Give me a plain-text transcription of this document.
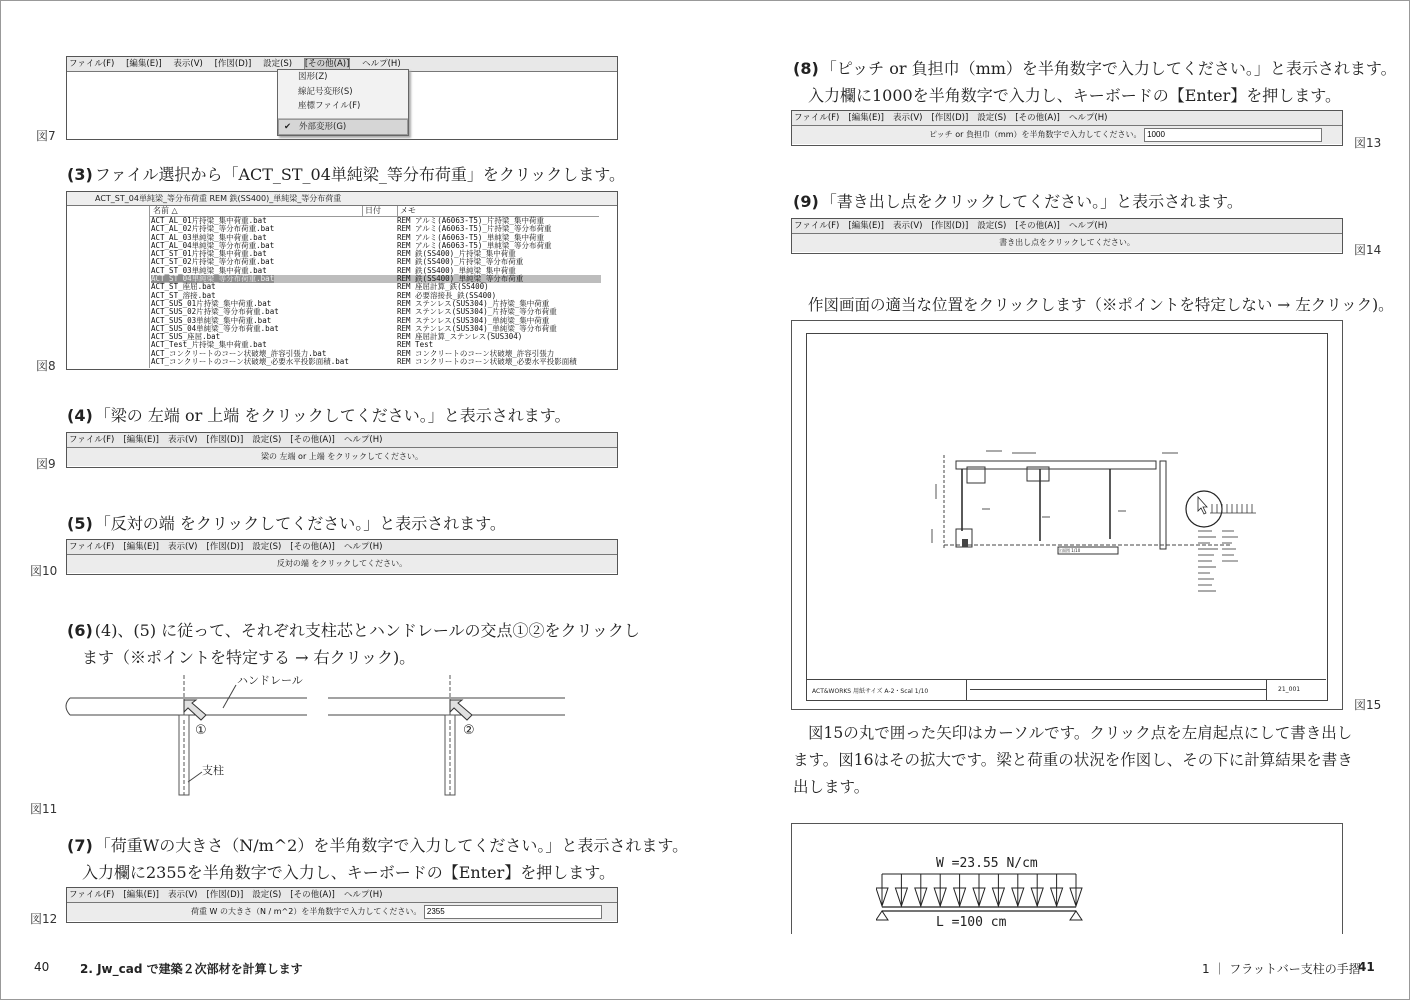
ファイル(F) [編集(E)] 表示(V) [作図(D)] 設定(S) [その他(A)] ヘルプ(H)
図形(Z)
線記号変形(S)
座標ファイル(F)
✔ 外部変形(G)
図7
(3) ファイル選択から「ACT_ST_04単純梁_等分布荷重」をクリックします。
ACT_ST_04単純梁_等分布荷重 REM 鉄(SS400)_単純梁_等分布荷重
名前 △	日付	メモ
ACT_AL_01片持梁_集中荷重.bat	REM アルミ(A6063-T5)_片持梁_集中荷重
ACT_AL_02片持梁_等分布荷重.bat	REM アルミ(A6063-T5)_片持梁_等分布荷重
ACT_AL_03単純梁_集中荷重.bat	REM アルミ(A6063-T5)_単純梁_集中荷重
ACT_AL_04単純梁_等分布荷重.bat	REM アルミ(A6063-T5)_単純梁_等分布荷重
ACT_ST_01片持梁_集中荷重.bat	REM 鉄(SS400)_片持梁_集中荷重
ACT_ST_02片持梁_等分布荷重.bat	REM 鉄(SS400)_片持梁_等分布荷重
ACT_ST_03単純梁_集中荷重.bat	REM 鉄(SS400)_単純梁_集中荷重
ACT_ST_04単純梁_等分布荷重.bat	REM 鉄(SS400)_単純梁_等分布荷重
ACT_ST_座屈.bat	REM 座屈計算_鉄(SS400)
ACT_ST_溶接.bat	REM 必要溶接長_鉄(SS400)
ACT_SUS_01片持梁_集中荷重.bat	REM ステンレス(SUS304)_片持梁_集中荷重
ACT_SUS_02片持梁_等分布荷重.bat	REM ステンレス(SUS304)_片持梁_等分布荷重
ACT_SUS_03単純梁_集中荷重.bat	REM ステンレス(SUS304)_単純梁_集中荷重
ACT_SUS_04単純梁_等分布荷重.bat	REM ステンレス(SUS304)_単純梁_等分布荷重
ACT_SUS_座屈.bat	REM 座屈計算_ステンレス(SUS304)
ACT_Test_片持梁_集中荷重.bat	REM Test
ACT_コンクリートのコーン状破壊_許容引張力.bat	REM コンクリートのコーン状破壊_許容引張力
ACT_コンクリートのコーン状破壊_必要水平投影面積.bat	REM コンクリートのコーン状破壊_必要水平投影面積
図8
(4) 「梁の 左端 or 上端 をクリックしてください。」と表示されます。
ファイル(F) [編集(E)] 表示(V) [作図(D)] 設定(S) [その他(A)] ヘルプ(H)
梁の 左端 or 上端 をクリックしてください。
図9
(5) 「反対の端 をクリックしてください。」と表示されます。
ファイル(F) [編集(E)] 表示(V) [作図(D)] 設定(S) [その他(A)] ヘルプ(H)
反対の端 をクリックしてください。
図10
(6) (4)、(5) に従って、それぞれ支柱芯とハンドレールの交点①②をクリックし
ます（※ポイントを特定する → 右クリック)。
ハンドレール
支柱
①	②
図11
(7) 「荷重Wの大きさ（N/m^2）を半角数字で入力してください。」と表示されます。
入力欄に2355を半角数字で入力し、キーボードの【Enter】を押します。
ファイル(F) [編集(E)] 表示(V) [作図(D)] 設定(S) [その他(A)] ヘルプ(H)
荷重 W の大きさ（N / m^2）を半角数字で入力してください。 2355
図12
(8) 「ピッチ or 負担巾（mm）を半角数字で入力してください。」と表示されます。
入力欄に1000を半角数字で入力し、キーボードの【Enter】を押します。
ファイル(F) [編集(E)] 表示(V) [作図(D)] 設定(S) [その他(A)] ヘルプ(H)
ピッチ or 負担巾（mm）を半角数字で入力してください。 1000
図13
(9) 「書き出し点をクリックしてください。」と表示されます。
ファイル(F) [編集(E)] 表示(V) [作図(D)] 設定(S) [その他(A)] ヘルプ(H)
書き出し点をクリックしてください。
図14
作図画面の適当な位置をクリックします（※ポイントを特定しない → 左クリック)。
立面図 1/10
ACT&WORKS 用紙サイズ A-2・Scal 1/10	21_001
図15
図15の丸で囲った矢印はカーソルです。クリック点を左肩起点にして書き出し
ます。図16はその拡大です。梁と荷重の状況を作図し、その下に計算結果を書き
出します。
W =23.55 N/cm
L =100 cm
40	2. Jw_cad で建築２次部材を計算します	1 ｜ フラットバー支柱の手摺
41
